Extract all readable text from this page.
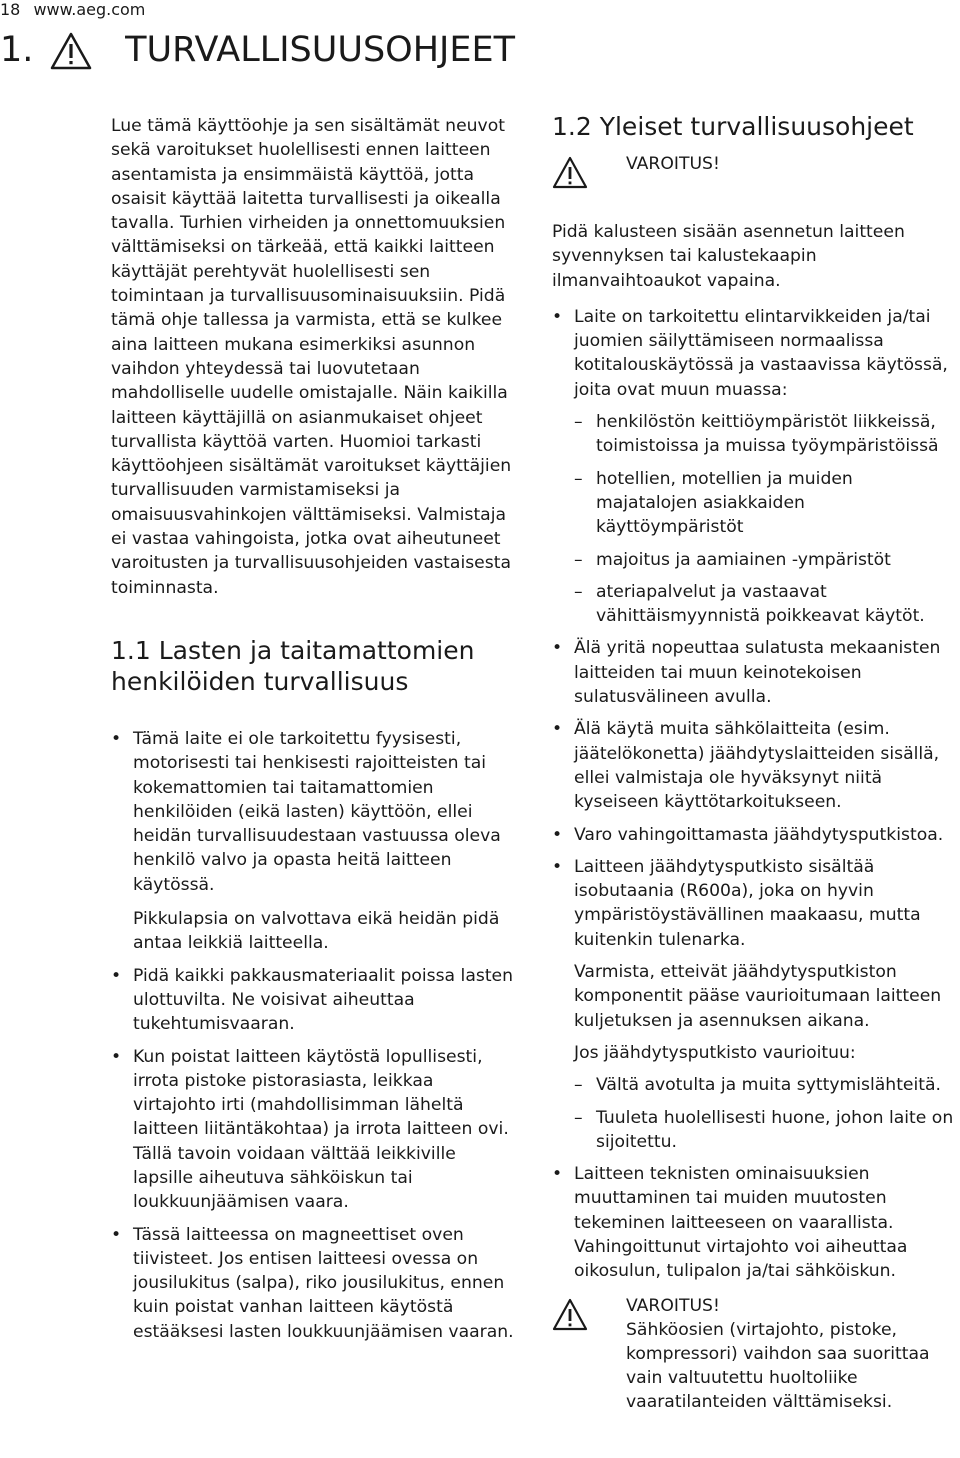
18 www.aeg.com
1.	TURVALLISUUSOHJEET

Lue tämä käyttöohje ja sen sisältämät neuvot sekä varoitukset huolellisesti ennen laitteen asentamista ja ensimmäistä käyttöä, jotta osaisit käyttää laitetta turvallisesti ja oikealla tavalla. Turhien virheiden ja onnettomuuksien välttämiseksi on tärkeää, että kaikki laitteen käyttäjät perehtyvät huolellisesti sen toimintaan ja turvallisuusominaisuuksiin. Pidä tämä ohje tallessa ja varmista, että se kulkee aina laitteen mukana esimerkiksi asunnon vaihdon yhteydessä tai luovutetaan mahdolliselle uudelle omistajalle. Näin kaikilla laitteen käyttäjillä on asianmukaiset ohjeet turvallista käyttöä varten. Huomioi tarkasti käyttöohjeen sisältämät varoitukset käyttäjien turvallisuuden varmistamiseksi ja omaisuusvahinkojen välttämiseksi. Valmistaja ei vastaa vahingoista, jotka ovat aiheutuneet varoitusten ja turvallisuusohjeiden vastaisesta toiminnasta.

1.1 Lasten ja taitamattomien henkilöiden turvallisuus
• Tämä laite ei ole tarkoitettu fyysisesti, motorisesti tai henkisesti rajoitteisten tai kokemattomien tai taitamattomien henkilöiden (eikä lasten) käyttöön, ellei heidän turvallisuudestaan vastuussa oleva henkilö valvo ja opasta heitä laitteen käytössä.

Pikkulapsia on valvottava eikä heidän pidä antaa leikkiä laitteella.

• Pidä kaikki pakkausmateriaalit poissa lasten ulottuvilta. Ne voisivat aiheuttaa tukehtumisvaaran.
• Kun poistat laitteen käytöstä lopullisesti, irrota pistoke pistorasiasta, leikkaa virtajohto irti (mahdollisimman läheltä laitteen liitäntäkohtaa) ja irrota laitteen ovi. Tällä tavoin voidaan välttää leikkiville lapsille aiheutuva sähköiskun tai loukkuunjäämisen vaara.
• Tässä laitteessa on magneettiset oven tiivisteet. Jos entisen laitteesi ovessa on jousilukitus (salpa), riko jousilukitus, ennen kuin poistat vanhan laitteen käytöstä estääksesi lasten loukkuunjäämisen vaaran.
1.2 Yleiset turvallisuusohjeet
VAROITUS!

Pidä kalusteen sisään asennetun laitteen syvennyksen tai kalustekaapin ilmanvaihtoaukot vapaina.

• Laite on tarkoitettu elintarvikkeiden ja/tai juomien säilyttämiseen normaalissa kotitalouskäytössä ja vastaavissa käytössä, joita ovat muun muassa:
– henkilöstön keittiöympäristöt liikkeissä, toimistoissa ja muissa työympäristöissä
– hotellien, motellien ja muiden majatalojen asiakkaiden käyttöympäristöt
– majoitus ja aamiainen -ympäristöt
– ateriapalvelut ja vastaavat vähittäismyynnistä poikkeavat käytöt.
• Älä yritä nopeuttaa sulatusta mekaanisten laitteiden tai muun keinotekoisen sulatusvälineen avulla.
• Älä käytä muita sähkölaitteita (esim. jäätelökonetta) jäähdytyslaitteiden sisällä, ellei valmistaja ole hyväksynyt niitä kyseiseen käyttötarkoitukseen.
• Varo vahingoittamasta jäähdytysputkistoa.
• Laitteen jäähdytysputkisto sisältää isobutaania (R600a), joka on hyvin ympäristöystävällinen maakaasu, mutta kuitenkin tulenarka.

Varmista, etteivät jäähdytysputkiston komponentit pääse vaurioitumaan laitteen kuljetuksen ja asennuksen aikana.

Jos jäähdytysputkisto vaurioituu:

– Vältä avotulta ja muita syttymislähteitä.
– Tuuleta huolellisesti huone, johon laite on sijoitettu.
• Laitteen teknisten ominaisuuksien muuttaminen tai muiden muutosten tekeminen laitteeseen on vaarallista. Vahingoittunut virtajohto voi aiheuttaa oikosulun, tulipalon ja/tai sähköiskun.
VAROITUS!

Sähköosien (virtajohto, pistoke, kompressori) vaihdon saa suorittaa vain valtuutettu huoltoliike vaaratilanteiden välttämiseksi.
